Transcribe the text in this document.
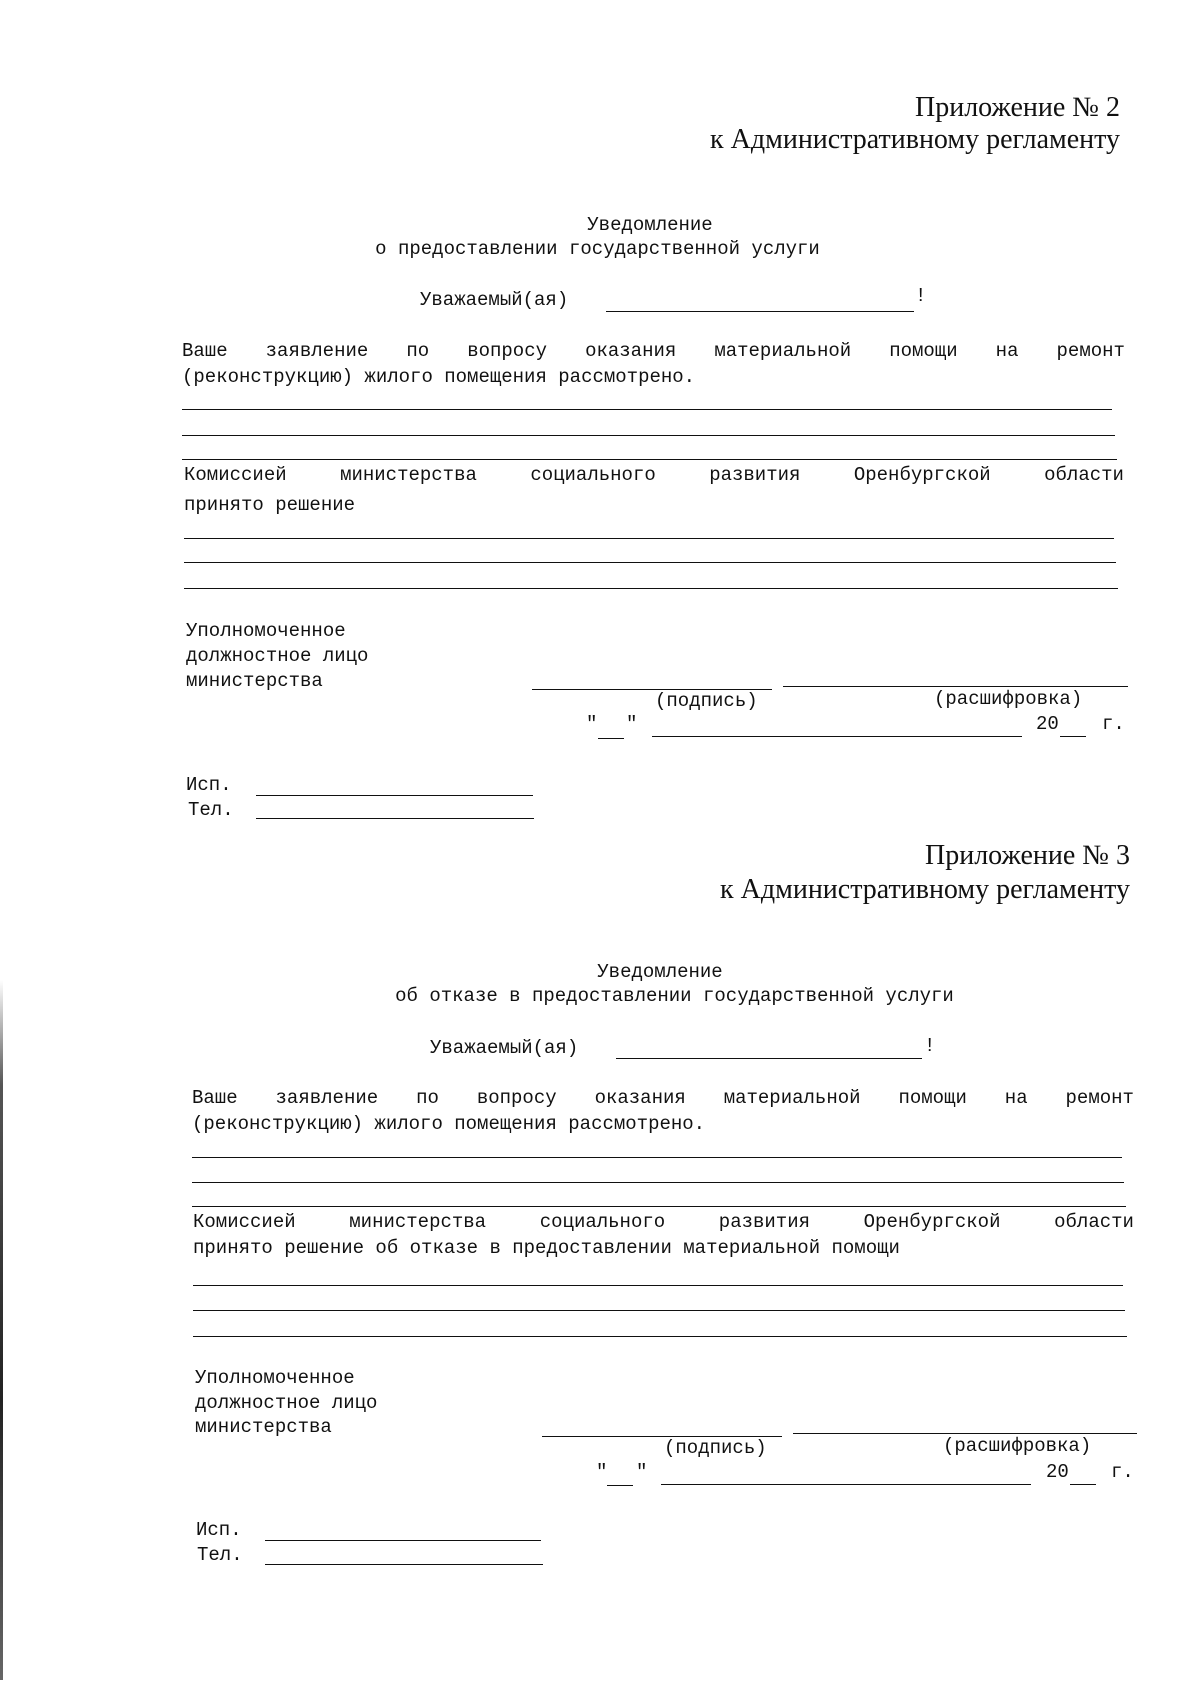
Приложение № 2
к Административному регламенту
Уведомление
о предоставлении государственной услуги
Уважаемый(ая)	!
Ваше заявление по вопросу оказания материальной помощи на ремонт
(реконструкцию) жилого помещения рассмотрено.
Комиссией	министерства	социального	развития	Оренбургской	области
принято решение
Уполномоченное
должностное лицо
министерства
(подпись)	(расшифровка)
" "	20 г.
Исп.
Тел.
Приложение № 3
к Административному регламенту
Уведомление
об отказе в предоставлении государственной услуги
Уважаемый(ая)	!
Ваше заявление по вопросу оказания материальной помощи на ремонт
(реконструкцию) жилого помещения рассмотрено.
Комиссией	министерства	социального	развития	Оренбургской	области
принято решение об отказе в предоставлении материальной помощи
Уполномоченное
должностное лицо
министерства
(подпись)	(расшифровка)
" "	20 г.
Исп.
Тел.
